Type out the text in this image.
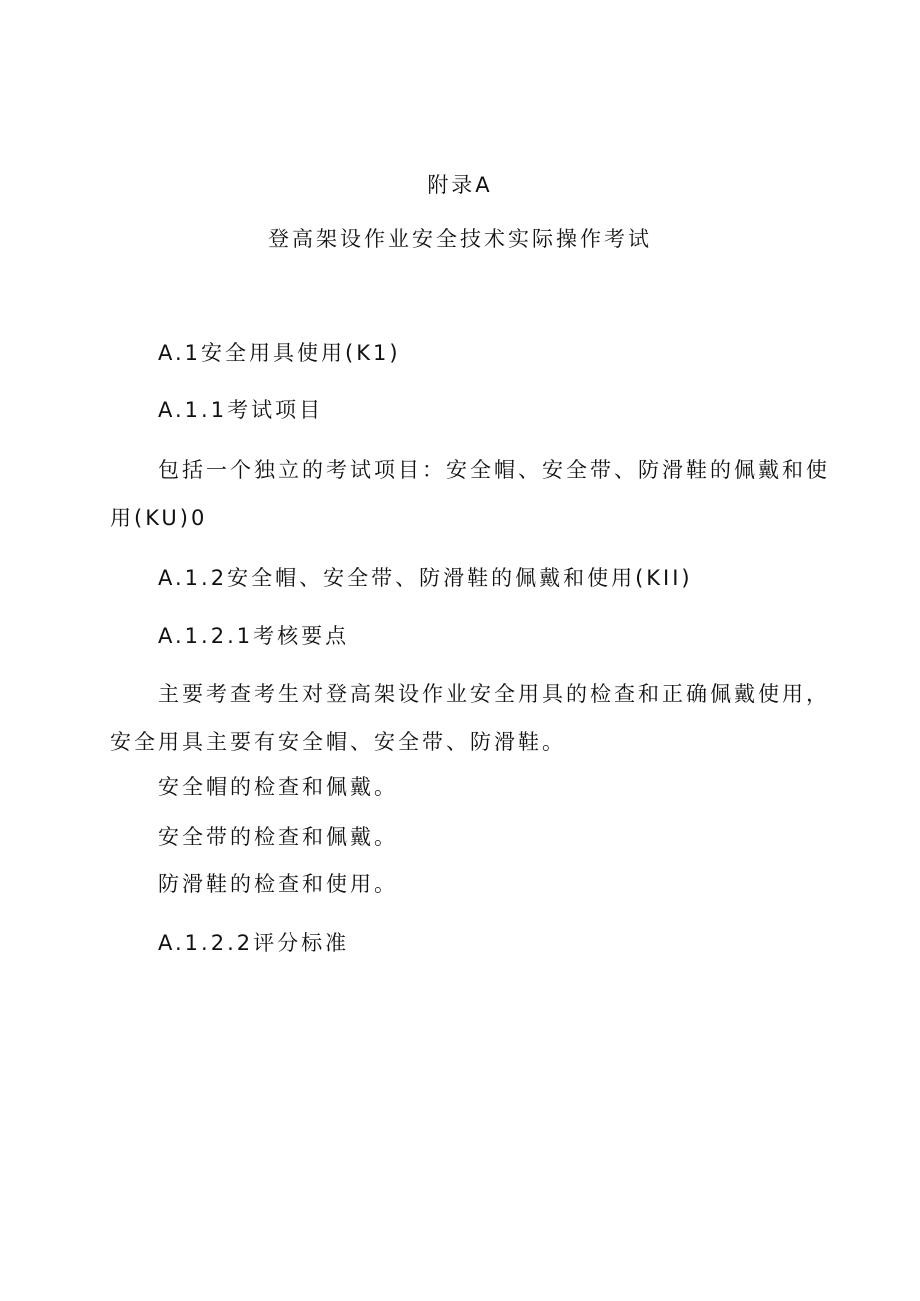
附录A
登高架设作业安全技术实际操作考试
A.1安全用具使用(K1)
A.1.1考试项目
包括一个独立的考试项目：安全帽、安全带、防滑鞋的佩戴和使
用(KU)0
A.1.2安全帽、安全带、防滑鞋的佩戴和使用(KII)
A.1.2.1考核要点
主要考查考生对登高架设作业安全用具的检查和正确佩戴使用，
安全用具主要有安全帽、安全带、防滑鞋。
安全帽的检查和佩戴。
安全带的检查和佩戴。
防滑鞋的检查和使用。
A.1.2.2评分标准
